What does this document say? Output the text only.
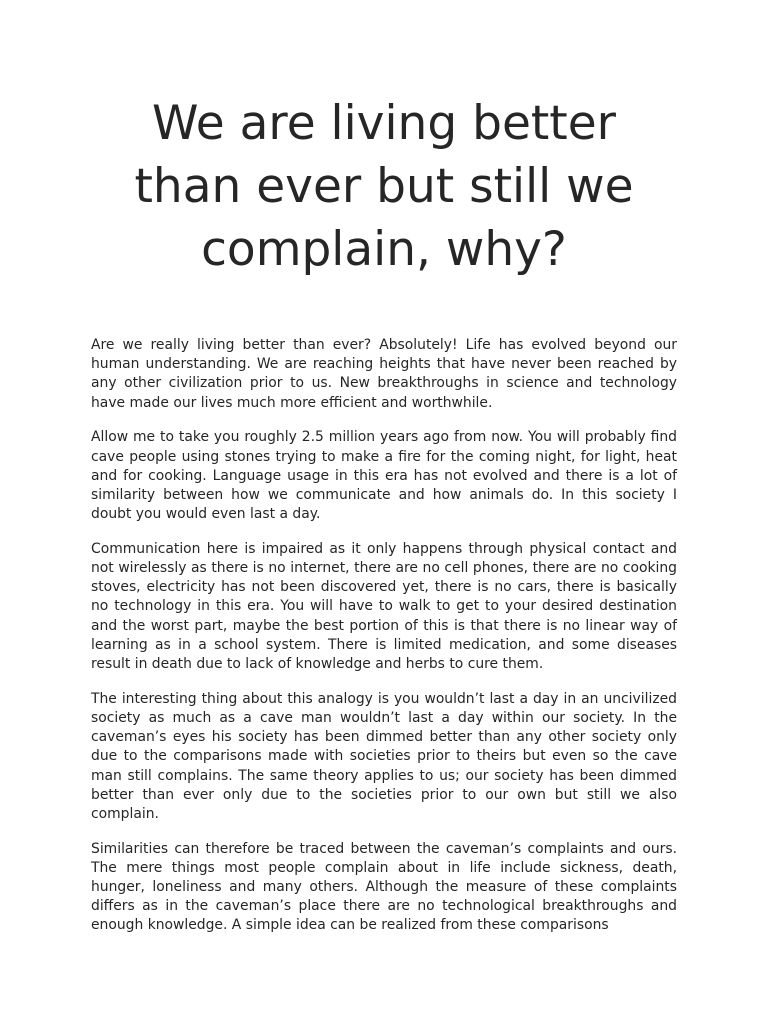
We are living better than ever but still we complain, why?

Are we really living better than ever? Absolutely! Life has evolved beyond our human understanding. We are reaching heights that have never been reached by any other civilization prior to us. New breakthroughs in science and technology have made our lives much more efficient and worthwhile.

Allow me to take you roughly 2.5 million years ago from now. You will probably find cave people using stones trying to make a fire for the coming night, for light, heat and for cooking. Language usage in this era has not evolved and there is a lot of similarity between how we communicate and how animals do. In this society I doubt you would even last a day.

Communication here is impaired as it only happens through physical contact and not wirelessly as there is no internet, there are no cell phones, there are no cooking stoves, electricity has not been discovered yet, there is no cars, there is basically no technology in this era. You will have to walk to get to your desired destination and the worst part, maybe the best portion of this is that there is no linear way of learning as in a school system. There is limited medication, and some diseases result in death due to lack of knowledge and herbs to cure them.

The interesting thing about this analogy is you wouldn’t last a day in an uncivilized society as much as a cave man wouldn’t last a day within our society. In the caveman’s eyes his society has been dimmed better than any other society only due to the comparisons made with societies prior to theirs but even so the cave man still complains. The same theory applies to us; our society has been dimmed better than ever only due to the societies prior to our own but still we also complain.

Similarities can therefore be traced between the caveman’s complaints and ours. The mere things most people complain about in life include sickness, death, hunger, loneliness and many others. Although the measure of these complaints differs as in the caveman’s place there are no technological breakthroughs and enough knowledge. A simple idea can be realized from these comparisons
